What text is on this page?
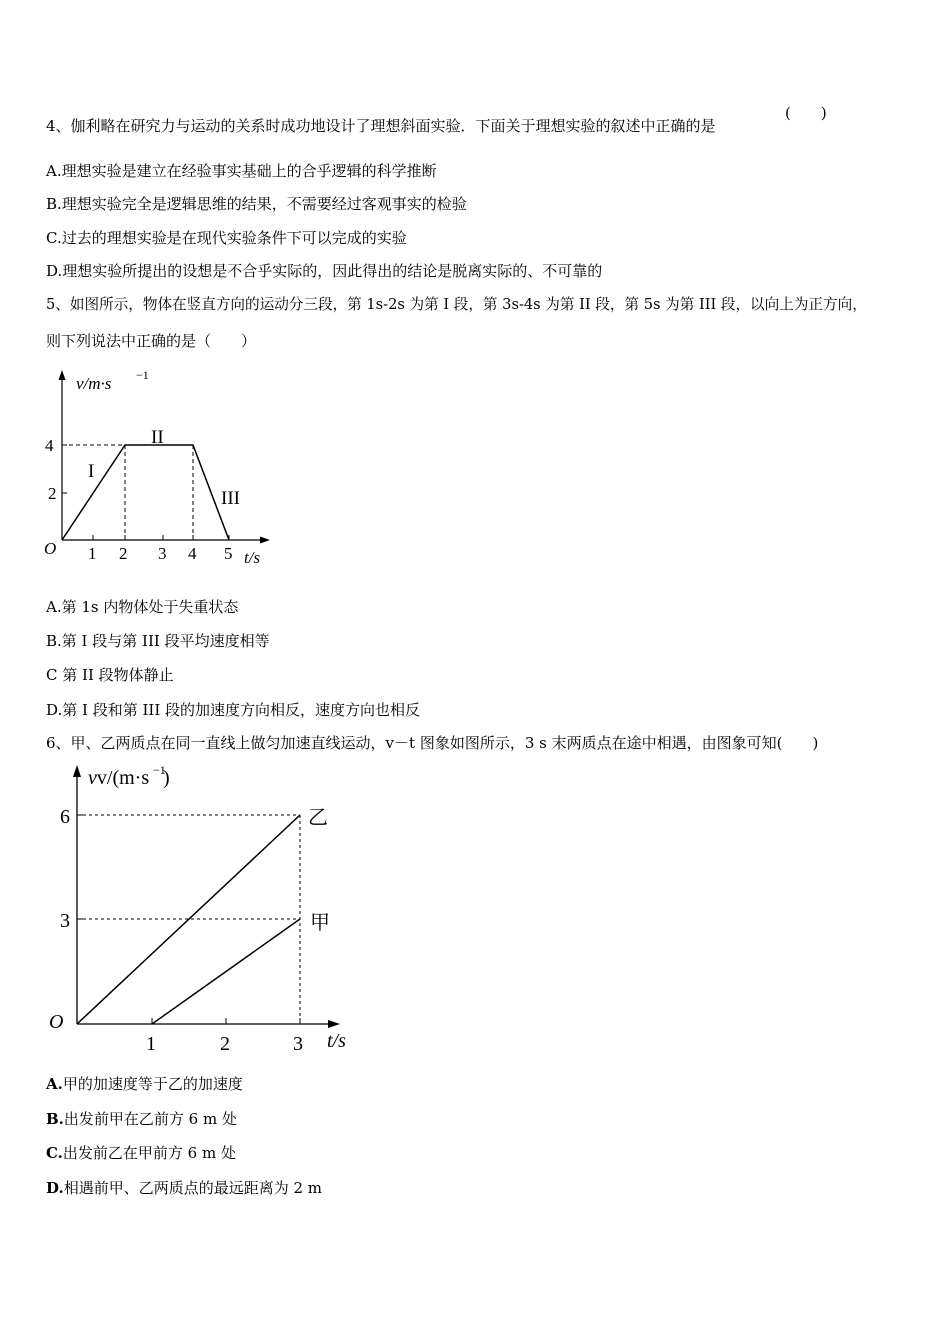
4、伽利略在研究力与运动的关系时成功地设计了理想斜面实验．下面关于理想实验的叙述中正确的是
(　　)
A.理想实验是建立在经验事实基础上的合乎逻辑的科学推断
B.理想实验完全是逻辑思维的结果，不需要经过客观事实的检验
C.过去的理想实验是在现代实验条件下可以完成的实验
D.理想实验所提出的设想是不合乎实际的，因此得出的结论是脱离实际的、不可靠的
5、如图所示，物体在竖直方向的运动分三段，第 1s-2s 为第 I 段，第 3s-4s 为第 II 段，第 5s 为第 III 段，以向上为正方向，
则下列说法中正确的是（　　）
v/m·s −1
2
4
O 1 2 3 4 5 t/s
I
II
III
A.第 1s 内物体处于失重状态
B.第 I 段与第 III 段平均速度相等
C 第 II 段物体静止
D.第 I 段和第 III 段的加速度方向相反，速度方向也相反
6、甲、乙两质点在同一直线上做匀加速直线运动，v－t 图象如图所示，3 s 末两质点在途中相遇，由图象可知(　　)
vv/(m·s −1
)
3
6
O
1	2	3 t/s
乙
甲
A.甲的加速度等于乙的加速度
B.出发前甲在乙前方 6 m 处
C.出发前乙在甲前方 6 m 处
D.相遇前甲、乙两质点的最远距离为 2 m
